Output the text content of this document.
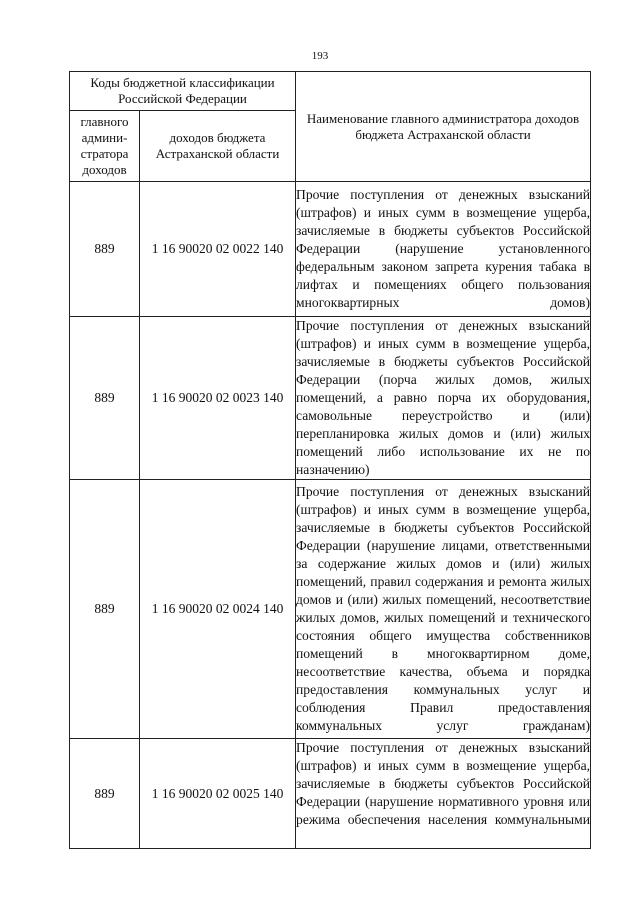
193
Коды бюджетной классификации Российской Федерации		Наименование главного администратора доходов бюджета Астраханской области
главного админи-стратора доходов	доходов бюджета Астраханской области	
889	1 16 90020 02 0022 140	Прочие поступления от денежных взысканий (штрафов) и иных сумм в возмещение ущерба, зачисляемые в бюджеты субъектов Российской Федерации (нарушение установленного федеральным законом запрета курения табака в лифтах и помещениях общего пользования многоквартирных домов)
889	1 16 90020 02 0023 140	Прочие поступления от денежных взысканий (штрафов) и иных сумм в возмещение ущерба, зачисляемые в бюджеты субъектов Российской Федерации (порча жилых домов, жилых помещений, а равно порча их оборудования, самовольные переустройство и (или) перепланировка жилых домов и (или) жилых помещений либо использование их не по назначению)
889	1 16 90020 02 0024 140	Прочие поступления от денежных взысканий (штрафов) и иных сумм в возмещение ущерба, зачисляемые в бюджеты субъектов Российской Федерации (нарушение лицами, ответственными за содержание жилых домов и (или) жилых помещений, правил содержания и ремонта жилых домов и (или) жилых помещений, несоответствие жилых домов, жилых помещений и технического состояния общего имущества собственников помещений в многоквартирном доме, несоответствие качества, объема и порядка предоставления коммунальных услуг и соблюдения Правил предоставления коммунальных услуг гражданам)
889	1 16 90020 02 0025 140	Прочие поступления от денежных взысканий (штрафов) и иных сумм в возмещение ущерба, зачисляемые в бюджеты субъектов Российской Федерации (нарушение нормативного уровня или режима обеспечения населения коммунальными
